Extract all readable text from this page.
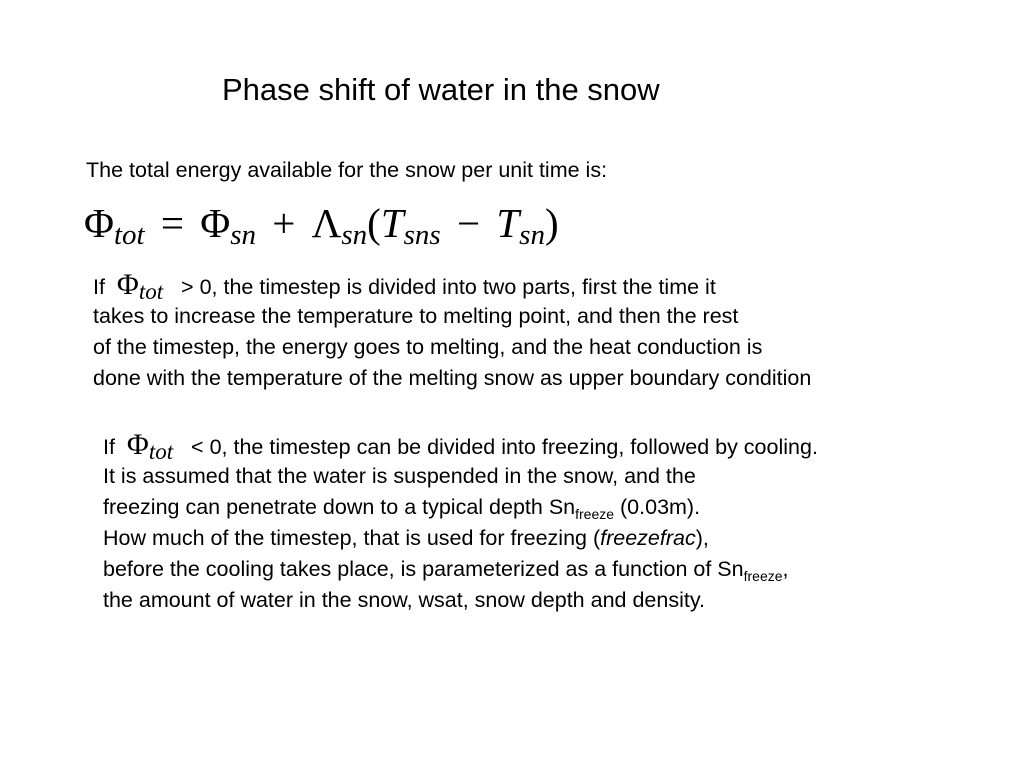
Phase shift of water in the snow
The total energy available for the snow per unit time is:
Φtot = Φsn + Λsn(Tsns − Tsn)
If Φtot > 0, the timestep is divided into two parts, first the time it
takes to increase the temperature to melting point, and then the rest
of the timestep, the energy goes to melting, and the heat conduction is
done with the temperature of the melting snow as upper boundary condition
If Φtot < 0, the timestep can be divided into freezing, followed by cooling.
It is assumed that the water is suspended in the snow, and the
freezing can penetrate down to a typical depth $Sn_{freeze}$ (0.03m).
How much of the timestep, that is used for freezing (freezefrac),
before the cooling takes place, is parameterized as a function of $Sn_{freeze}$,
the amount of water in the snow, wsat, snow depth and density.
